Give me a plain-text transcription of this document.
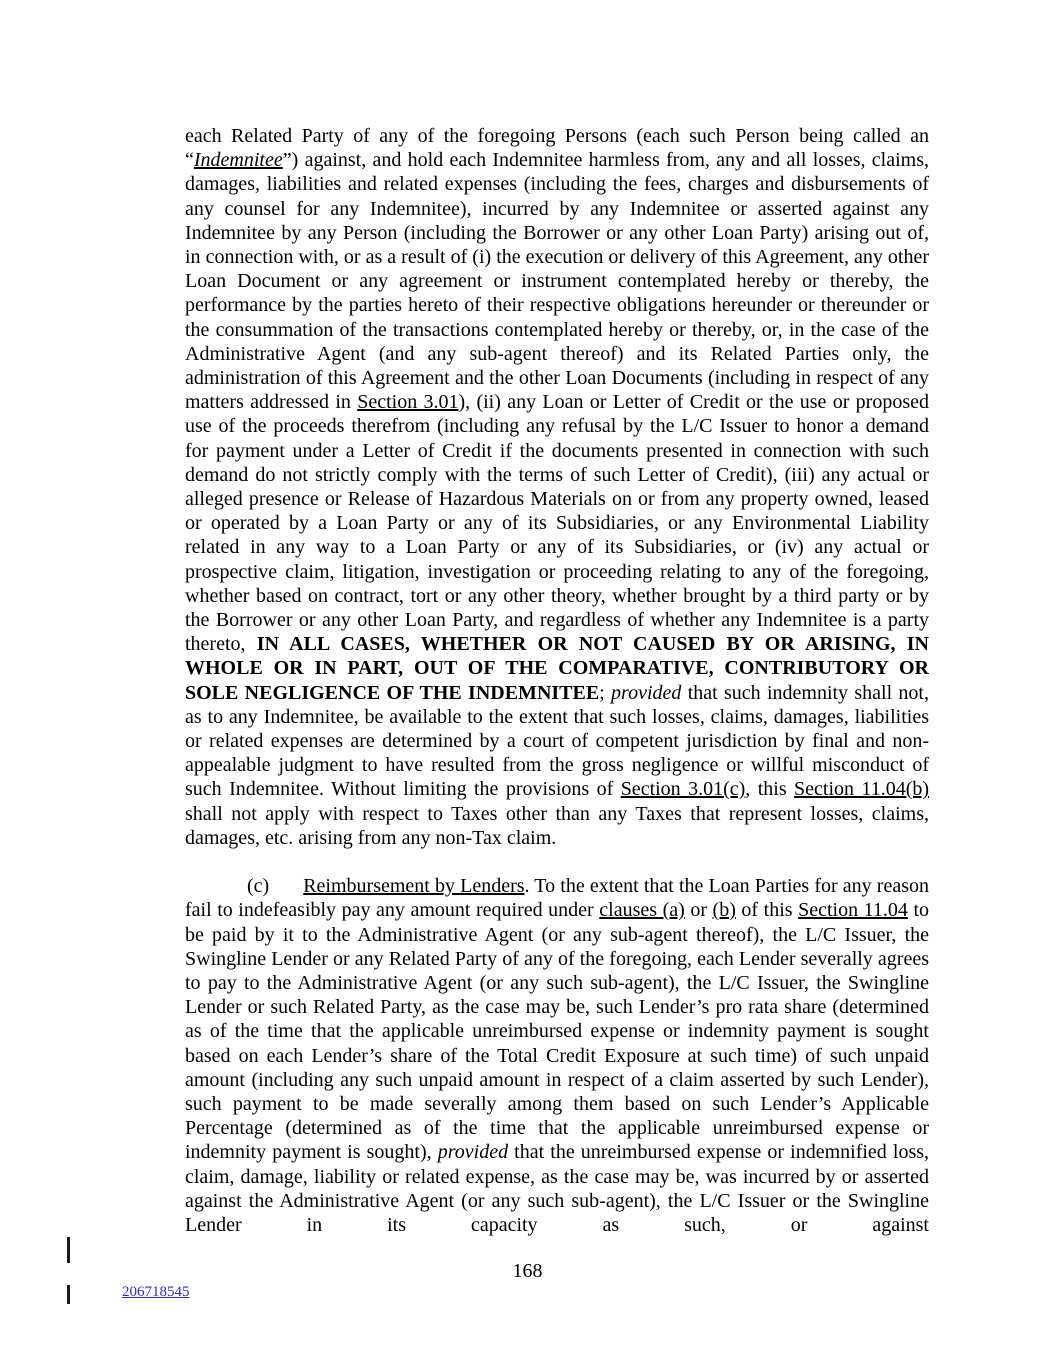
each Related Party of any of the foregoing Persons (each such Person being called an “Indemnitee”) against, and hold each Indemnitee harmless from, any and all losses, claims, damages, liabilities and related expenses (including the fees, charges and disbursements of any counsel for any Indemnitee), incurred by any Indemnitee or asserted against any Indemnitee by any Person (including the Borrower or any other Loan Party) arising out of, in connection with, or as a result of (i) the execution or delivery of this Agreement, any other Loan Document or any agreement or instrument contemplated hereby or thereby, the performance by the parties hereto of their respective obligations hereunder or thereunder or the consummation of the transactions contemplated hereby or thereby, or, in the case of the Administrative Agent (and any sub-agent thereof) and its Related Parties only, the administration of this Agreement and the other Loan Documents (including in respect of any matters addressed in Section 3.01), (ii) any Loan or Letter of Credit or the use or proposed use of the proceeds therefrom (including any refusal by the L/C Issuer to honor a demand for payment under a Letter of Credit if the documents presented in connection with such demand do not strictly comply with the terms of such Letter of Credit), (iii) any actual or alleged presence or Release of Hazardous Materials on or from any property owned, leased or operated by a Loan Party or any of its Subsidiaries, or any Environmental Liability related in any way to a Loan Party or any of its Subsidiaries, or (iv) any actual or prospective claim, litigation, investigation or proceeding relating to any of the foregoing, whether based on contract, tort or any other theory, whether brought by a third party or by the Borrower or any other Loan Party, and regardless of whether any Indemnitee is a party thereto, IN ALL CASES, WHETHER OR NOT CAUSED BY OR ARISING, IN WHOLE OR IN PART, OUT OF THE COMPARATIVE, CONTRIBUTORY OR SOLE NEGLIGENCE OF THE INDEMNITEE; provided that such indemnity shall not, as to any Indemnitee, be available to the extent that such losses, claims, damages, liabilities or related expenses are determined by a court of competent jurisdiction by final and non-appealable judgment to have resulted from the gross negligence or willful misconduct of such Indemnitee. Without limiting the provisions of Section 3.01(c), this Section 11.04(b) shall not apply with respect to Taxes other than any Taxes that represent losses, claims, damages, etc. arising from any non-Tax claim.

(c) Reimbursement by Lenders. To the extent that the Loan Parties for any reason fail to indefeasibly pay any amount required under clauses (a) or (b) of this Section 11.04 to be paid by it to the Administrative Agent (or any sub-agent thereof), the L/C Issuer, the Swingline Lender or any Related Party of any of the foregoing, each Lender severally agrees to pay to the Administrative Agent (or any such sub-agent), the L/C Issuer, the Swingline Lender or such Related Party, as the case may be, such Lender’s pro rata share (determined as of the time that the applicable unreimbursed expense or indemnity payment is sought based on each Lender’s share of the Total Credit Exposure at such time) of such unpaid amount (including any such unpaid amount in respect of a claim asserted by such Lender), such payment to be made severally among them based on such Lender’s Applicable Percentage (determined as of the time that the applicable unreimbursed expense or indemnity payment is sought), provided that the unreimbursed expense or indemnified loss, claim, damage, liability or related expense, as the case may be, was incurred by or asserted against the Administrative Agent (or any such sub-agent), the L/C Issuer or the Swingline Lender in its capacity as such, or against

168
206718545
